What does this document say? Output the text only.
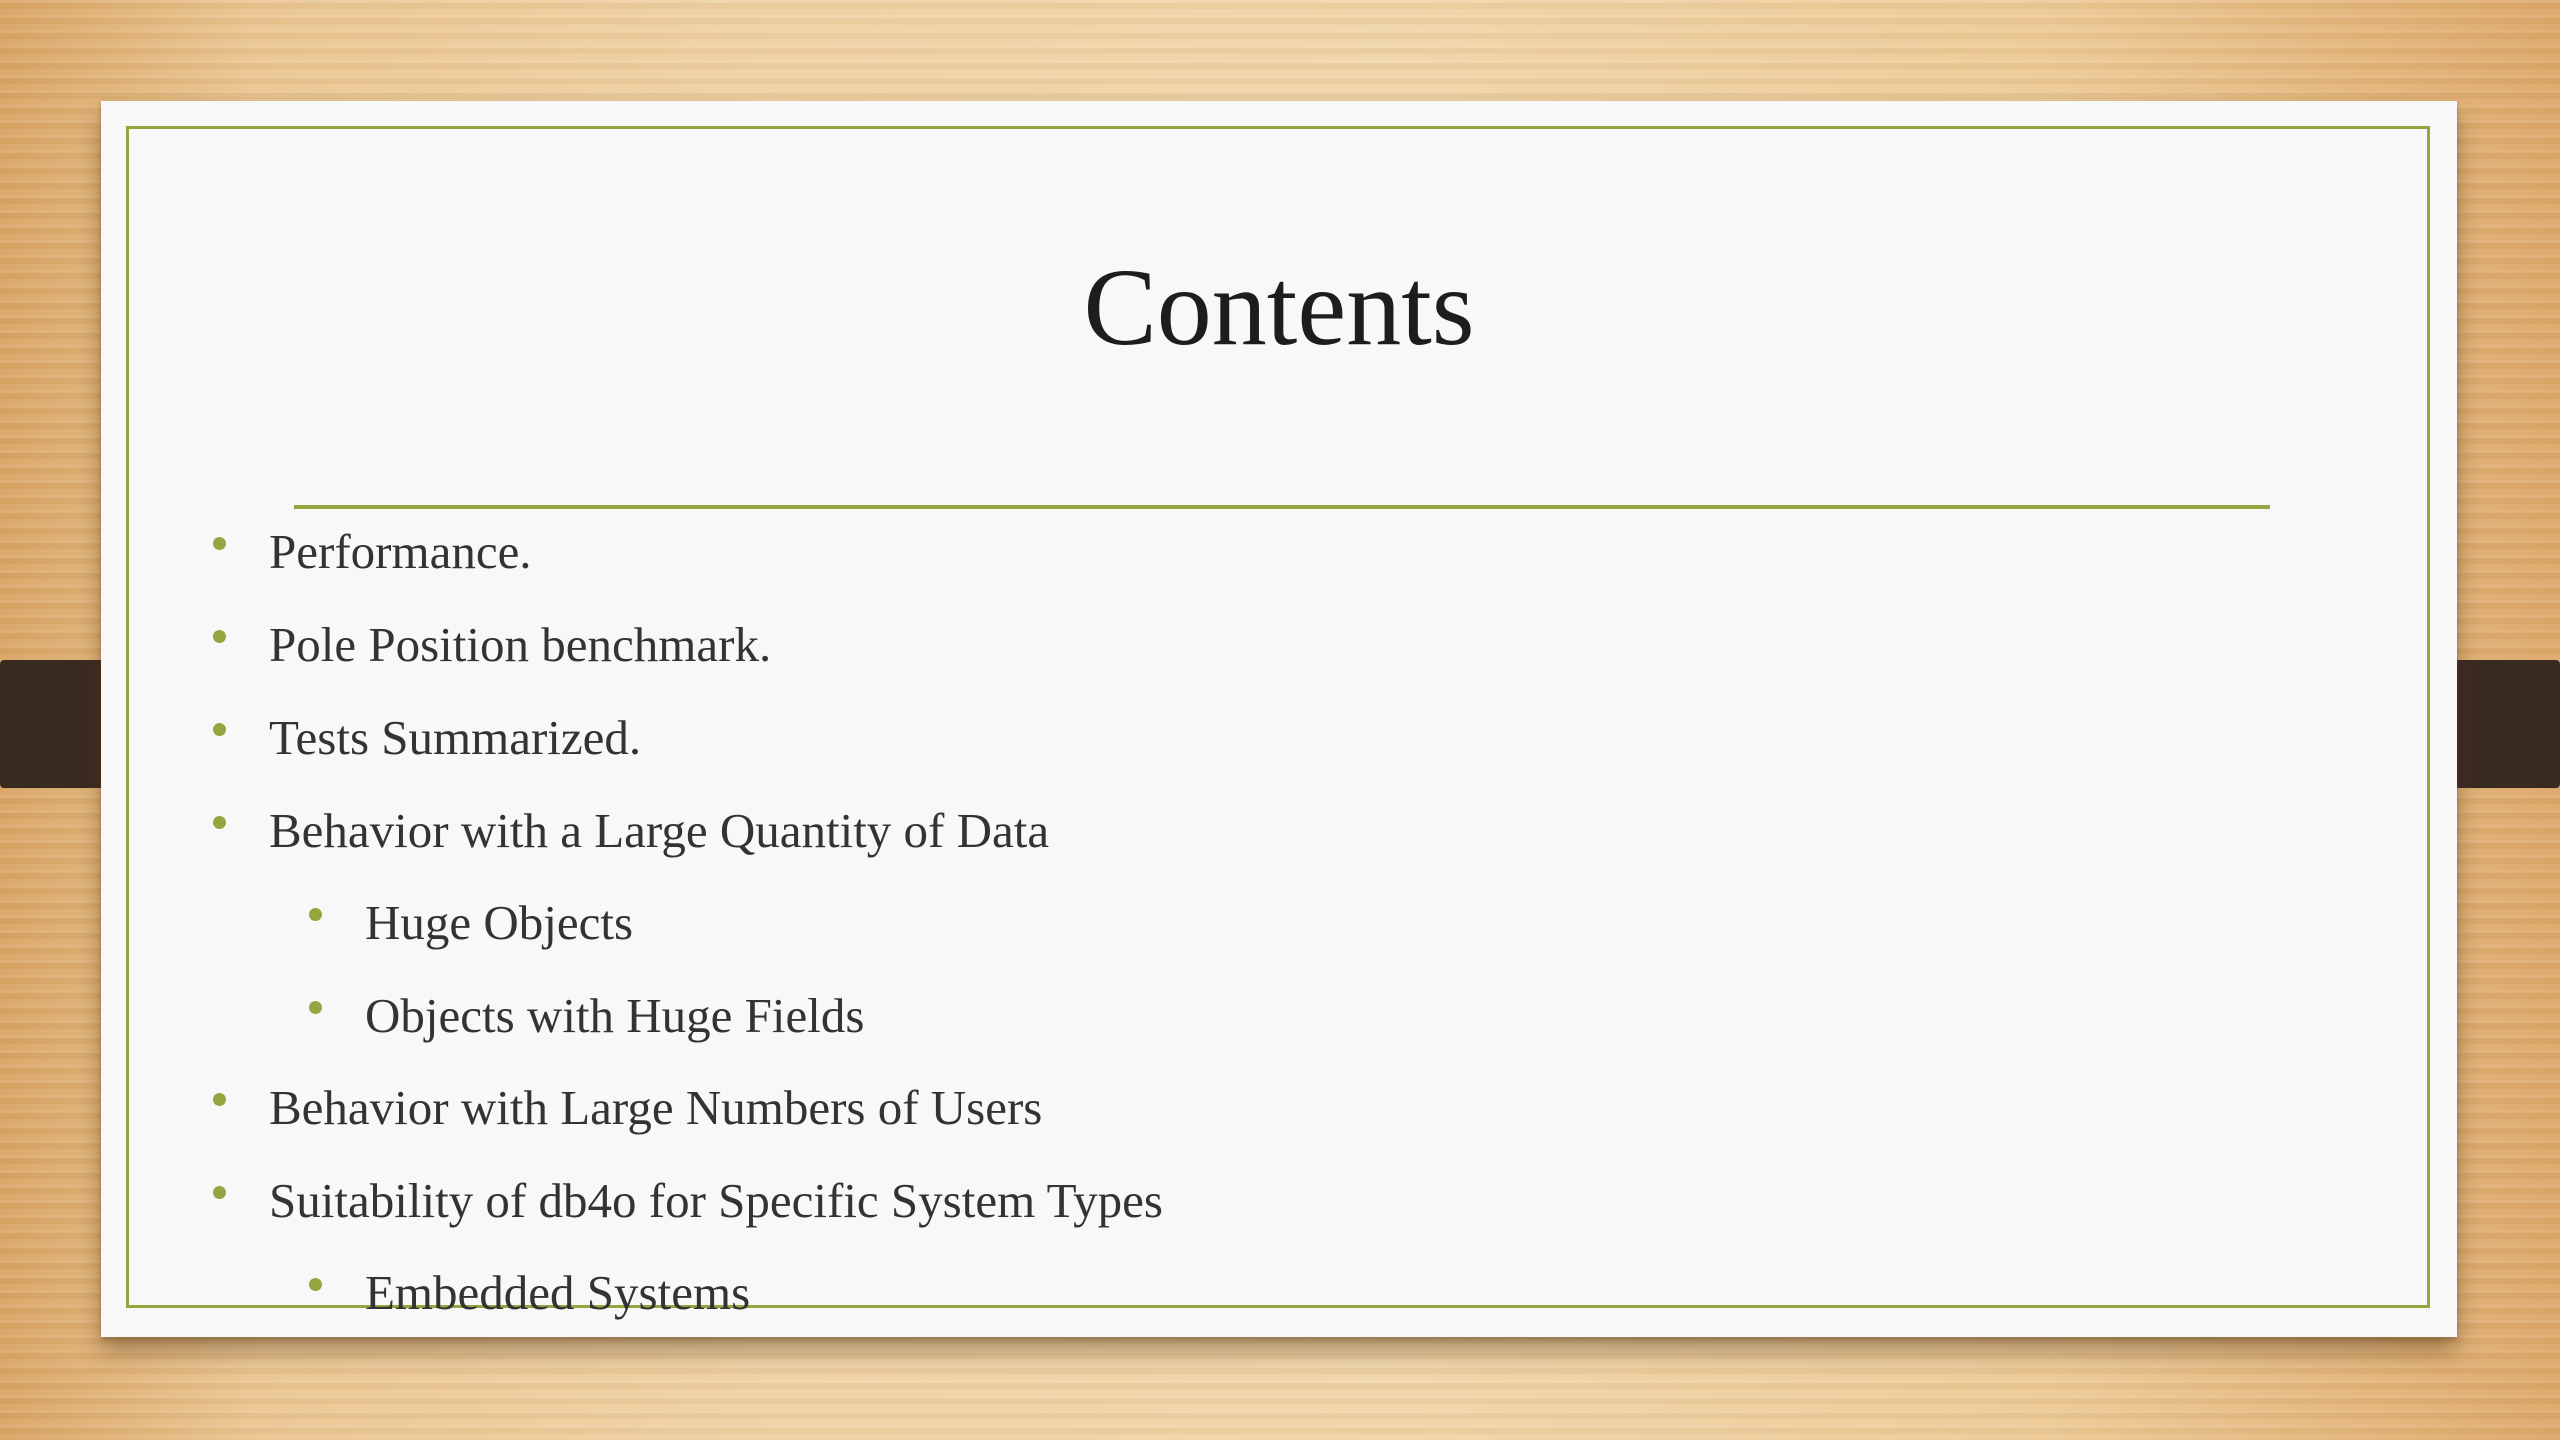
Contents
Performance.
Pole Position benchmark.
Tests Summarized.
Behavior with a Large Quantity of Data
Huge Objects
Objects with Huge Fields
Behavior with Large Numbers of Users
Suitability of db4o for Specific System Types
Embedded Systems
